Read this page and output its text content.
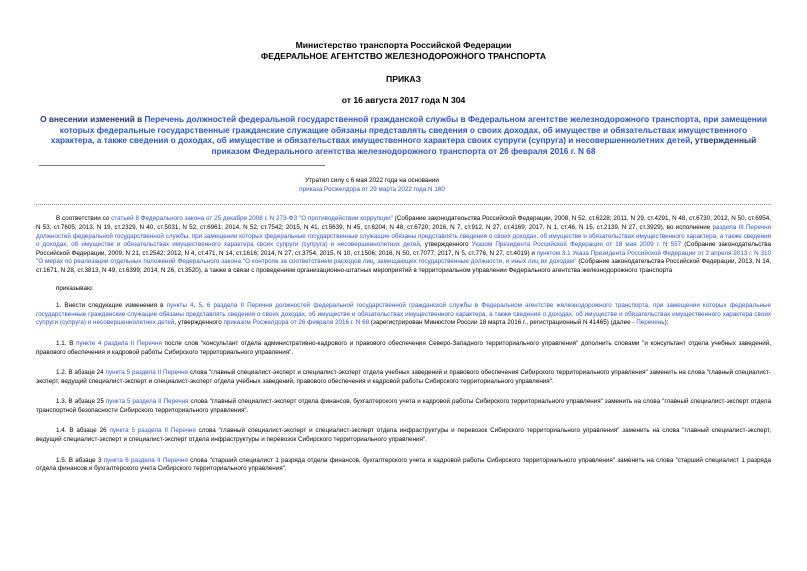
Министерство транспорта Российской Федерации
ФЕДЕРАЛЬНОЕ АГЕНТСТВО ЖЕЛЕЗНОДОРОЖНОГО ТРАНСПОРТА
ПРИКАЗ
от 16 августа 2017 года N 304
О внесении изменений в Перечень должностей федеральной государственной гражданской службы в Федеральном агентстве железнодорожного транспорта, при замещении которых федеральные государственные гражданские служащие обязаны представлять сведения о своих доходах, об имуществе и обязательствах имущественного характера, а также сведения о доходах, об имуществе и обязательствах имущественного характера своих супруги (супруга) и несовершеннолетних детей, утвержденный приказом Федерального агентства железнодорожного транспорта от 26 февраля 2016 г. N 68
Утратил силу с 6 мая 2022 года на основании
приказа Росжелдора от 29 марта 2022 года N 160
В соответствии со статьей 8 Федерального закона от 25 декабря 2008 г. N 273-ФЗ "О противодействии коррупции" (Собрание законодательства Российской Федерации, 2008, N 52, ст.6228; 2011, N 29, ст.4291, N 48, ст.6730; 2012, N 50, ст.6954, N 53, ст.7605; 2013, N 19, ст.2329, N 40, ст.5031, N 52, ст.6961; 2014, N 52, ст.7542; 2015, N 41, ст.5639, N 45, ст.6204, N 48, ст.6720; 2016, N 7, ст.912, N 27, ст.4169; 2017, N 1, ст.46, N 15, ст.2139, N 27, ст.3929), во исполнение раздела III Перечня должностей федеральной государственной службы, при замещении которых федеральные государственные служащие обязаны представлять сведения о своих доходах, об имуществе и обязательствах имущественного характера, а также сведения о доходах, об имуществе и обязательствах имущественного характера своих супруги (супруга) и несовершеннолетних детей, утвержденного Указом Президента Российской Федерации от 18 мая 2009 г. N 557 (Собрание законодательства Российской Федерации, 2009, N 21, ст.2542; 2012, N 4, ст.471, N 14, ст.1616; 2014, N 27, ст.3754; 2015, N 10, ст.1506; 2016, N 50, ст.7077; 2017, N 5, ст.776, N 27, ст.4019) и пунктом 3.1 Указа Президента Российской Федерации от 2 апреля 2013 г. N 310 "О мерах по реализации отдельных положений Федерального закона "О контроле за соответствием расходов лиц, замещающих государственные должности, и иных лиц их доходам" (Собрание законодательства Российской Федерации, 2013, N 14, ст.1671, N 28, ст.3813, N 49, ст.6399; 2014, N 26, ст.3520), а также в связи с проведением организационно-штатных мероприятий в территориальном управлении Федерального агентства железнодорожного транспорта
приказываю:
1. Внести следующие изменения в пункты 4, 5, 6 раздела II Перечня должностей федеральной государственной гражданской службы в Федеральном агентстве железнодорожного транспорта, при замещении которых федеральные государственные гражданские служащие обязаны представлять сведения о своих доходах, об имуществе и обязательствах имущественного характера, а также сведения о доходах, об имуществе и обязательствах имущественного характера своих супруги (супруга) и несовершеннолетних детей, утвержденного приказом Росжелдора от 26 февраля 2016 г. N 68 (зарегистрирован Минюстом России 18 марта 2016 г., регистрационный N 41465) (далее - Перечень):
1.1. В пункте 4 раздела II Перечня после слов "консультант отдела административно-кадрового и правового обеспечения Северо-Западного территориального управления" дополнить словами "и консультант отдела учебных заведений, правового обеспечения и кадровой работы Сибирского территориального управления".
1.2. В абзаце 24 пункта 5 раздела II Перечня слова "главный специалист-эксперт и специалист-эксперт отдела учебных заведений и правового обеспечения Сибирского территориального управления" заменить на слова "главный специалист-эксперт, ведущий специалист-эксперт и специалист-эксперт отдела учебных заведений, правового обеспечения и кадровой работы Сибирского территориального управления".
1.3. В абзаце 25 пункта 5 раздела II Перечня слова "главный специалист-эксперт отдела финансов, бухгалтерского учета и кадровой работы Сибирского территориального управления" заменить на слова "главный специалист-эксперт отдела транспортной безопасности Сибирского территориального управления".
1.4. В абзаце 26 пункта 5 раздела II Перечня слова "главный специалист-эксперт и специалист-эксперт отдела инфраструктуры и перевозок Сибирского территориального управления" заменить на слова "главный специалист-эксперт, ведущий специалист-эксперт и специалист-эксперт отдела инфраструктуры и перевозок Сибирского территориального управления".
1.5. В абзаце 3 пункта 6 раздела II Перечня слова "старший специалист 1 разряда отдела финансов, бухгалтерского учета и кадровой работы Сибирского территориального управления" заменить на слова "старший специалист 1 разряда отдела финансов и бухгалтерского учета Сибирского территориального управления".
